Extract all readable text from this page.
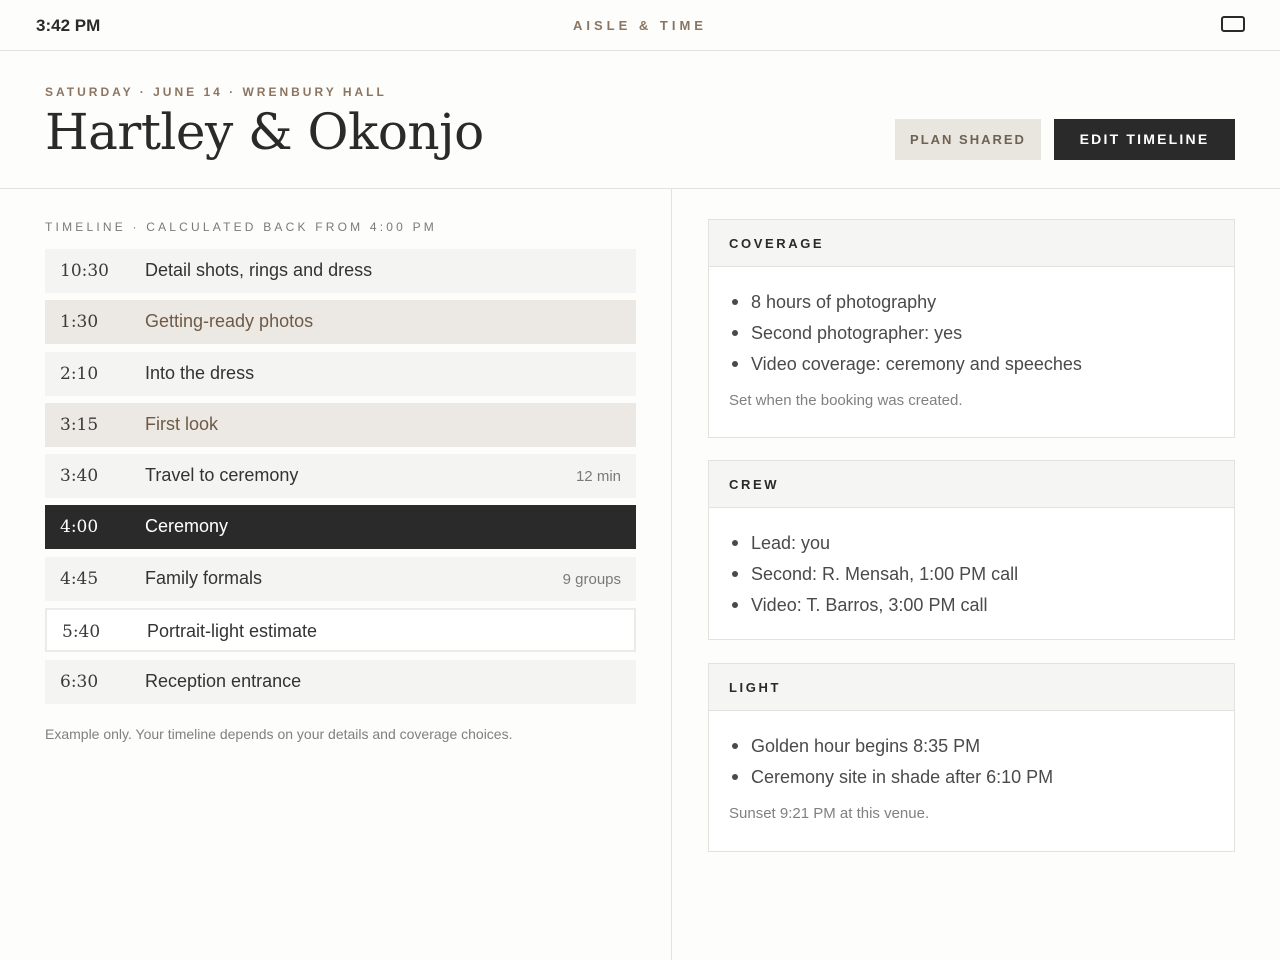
3:42 PM	AISLE & TIME
SATURDAY · JUNE 14 · WRENBURY HALL
Hartley & Okonjo	PLAN SHARED	EDIT TIMELINE
TIMELINE · CALCULATED BACK FROM 4:00 PM
10:30 Detail shots, rings and dress
1:30	Getting-ready photos
2:10	Into the dress
3:15	First look
3:40	Travel to ceremony	12 min
4:00	Ceremony
4:45	Family formals	9 groups
5:40	Portrait-light estimate
6:30	Reception entrance
Example only. Your timeline depends on your details and coverage choices.
COVERAGE
8 hours of photography
Second photographer: yes
Video coverage: ceremony and speeches
Set when the booking was created.
CREW
Lead: you
Second: R. Mensah, 1:00 PM call
Video: T. Barros, 3:00 PM call
LIGHT
Golden hour begins 8:35 PM
Ceremony site in shade after 6:10 PM
Sunset 9:21 PM at this venue.
